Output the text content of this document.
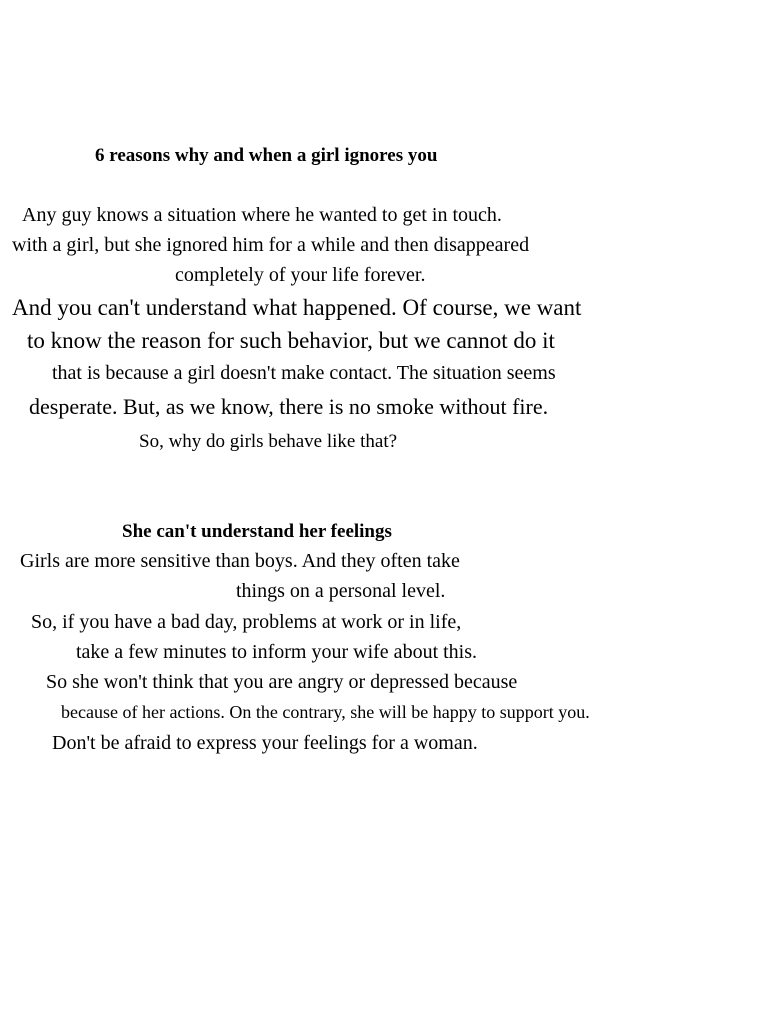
6 reasons why and when a girl ignores you
Any guy knows a situation where he wanted to get in touch.
with a girl, but she ignored him for a while and then disappeared
completely of your life forever.
And you can't understand what happened. Of course, we want
to know the reason for such behavior, but we cannot do it
that is because a girl doesn't make contact. The situation seems
desperate. But, as we know, there is no smoke without fire.
So, why do girls behave like that?
She can't understand her feelings
Girls are more sensitive than boys. And they often take
things on a personal level.
So, if you have a bad day, problems at work or in life,
take a few minutes to inform your wife about this.
So she won't think that you are angry or depressed because
because of her actions. On the contrary, she will be happy to support you.
Don't be afraid to express your feelings for a woman.
